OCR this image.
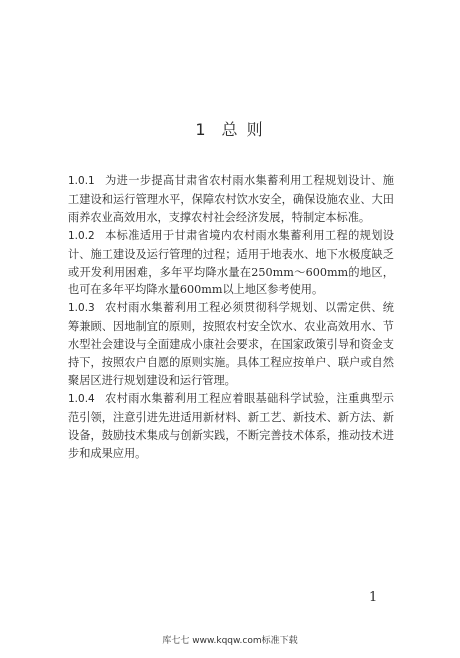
1 总 则

1.0.1 为进一步提高甘肃省农村雨水集蓄利用工程规划设计、施工建设和运行管理水平，保障农村饮水安全，确保设施农业、大田雨养农业高效用水，支撑农村社会经济发展，特制定本标准。

1.0.2 本标准适用于甘肃省境内农村雨水集蓄利用工程的规划设计、施工建设及运行管理的过程；适用于地表水、地下水极度缺乏或开发利用困难，多年平均降水量在250mm～600mm的地区，也可在多年平均降水量600mm以上地区参考使用。

1.0.3 农村雨水集蓄利用工程必须贯彻科学规划、以需定供、统筹兼顾、因地制宜的原则，按照农村安全饮水、农业高效用水、节水型社会建设与全面建成小康社会要求，在国家政策引导和资金支持下，按照农户自愿的原则实施。具体工程应按单户、联户或自然聚居区进行规划建设和运行管理。

1.0.4 农村雨水集蓄利用工程应着眼基础科学试验，注重典型示范引领，注意引进先进适用新材料、新工艺、新技术、新方法、新设备，鼓励技术集成与创新实践，不断完善技术体系，推动技术进步和成果应用。

1
库七七 www.kqqw.com标准下载
